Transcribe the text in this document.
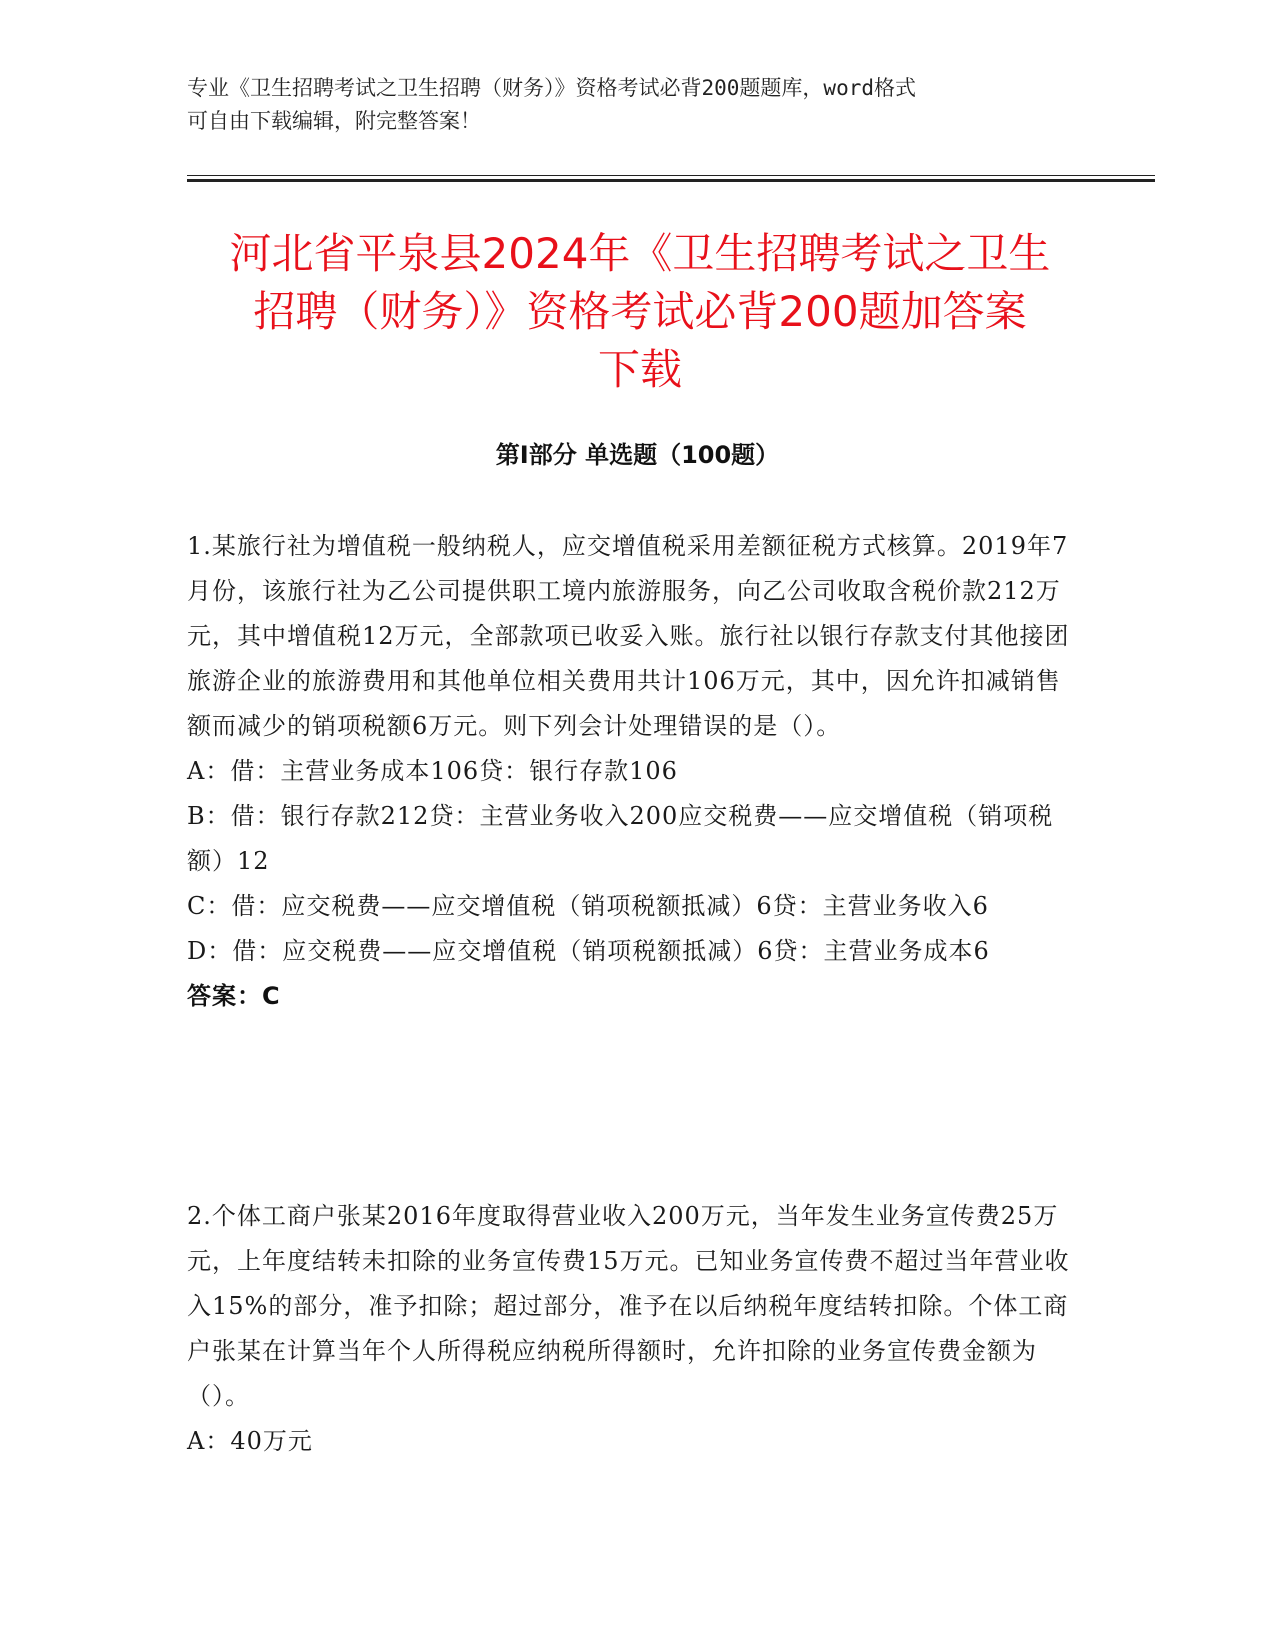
专业《卫生招聘考试之卫生招聘（财务）》资格考试必背200题题库，word格式
可自由下载编辑，附完整答案！
河北省平泉县2024年《卫生招聘考试之卫生
招聘（财务）》资格考试必背200题加答案
下载
第Ⅰ部分 单选题（100题）

1.某旅行社为增值税一般纳税人，应交增值税采用差额征税方式核算。2019年7月份，该旅行社为乙公司提供职工境内旅游服务，向乙公司收取含税价款212万元，其中增值税12万元，全部款项已收妥入账。旅行社以银行存款支付其他接团旅游企业的旅游费用和其他单位相关费用共计106万元，其中，因允许扣减销售额而减少的销项税额6万元。则下列会计处理错误的是（）。

A：借：主营业务成本106贷：银行存款106

B：借：银行存款212贷：主营业务收入200应交税费——应交增值税（销项税额）12

C：借：应交税费——应交增值税（销项税额抵减）6贷：主营业务收入6

D：借：应交税费——应交增值税（销项税额抵减）6贷：主营业务成本6

答案：C

2.个体工商户张某2016年度取得营业收入200万元，当年发生业务宣传费25万元，上年度结转未扣除的业务宣传费15万元。已知业务宣传费不超过当年营业收入15%的部分，准予扣除；超过部分，准予在以后纳税年度结转扣除。个体工商户张某在计算当年个人所得税应纳税所得额时，允许扣除的业务宣传费金额为（）。

A：40万元
